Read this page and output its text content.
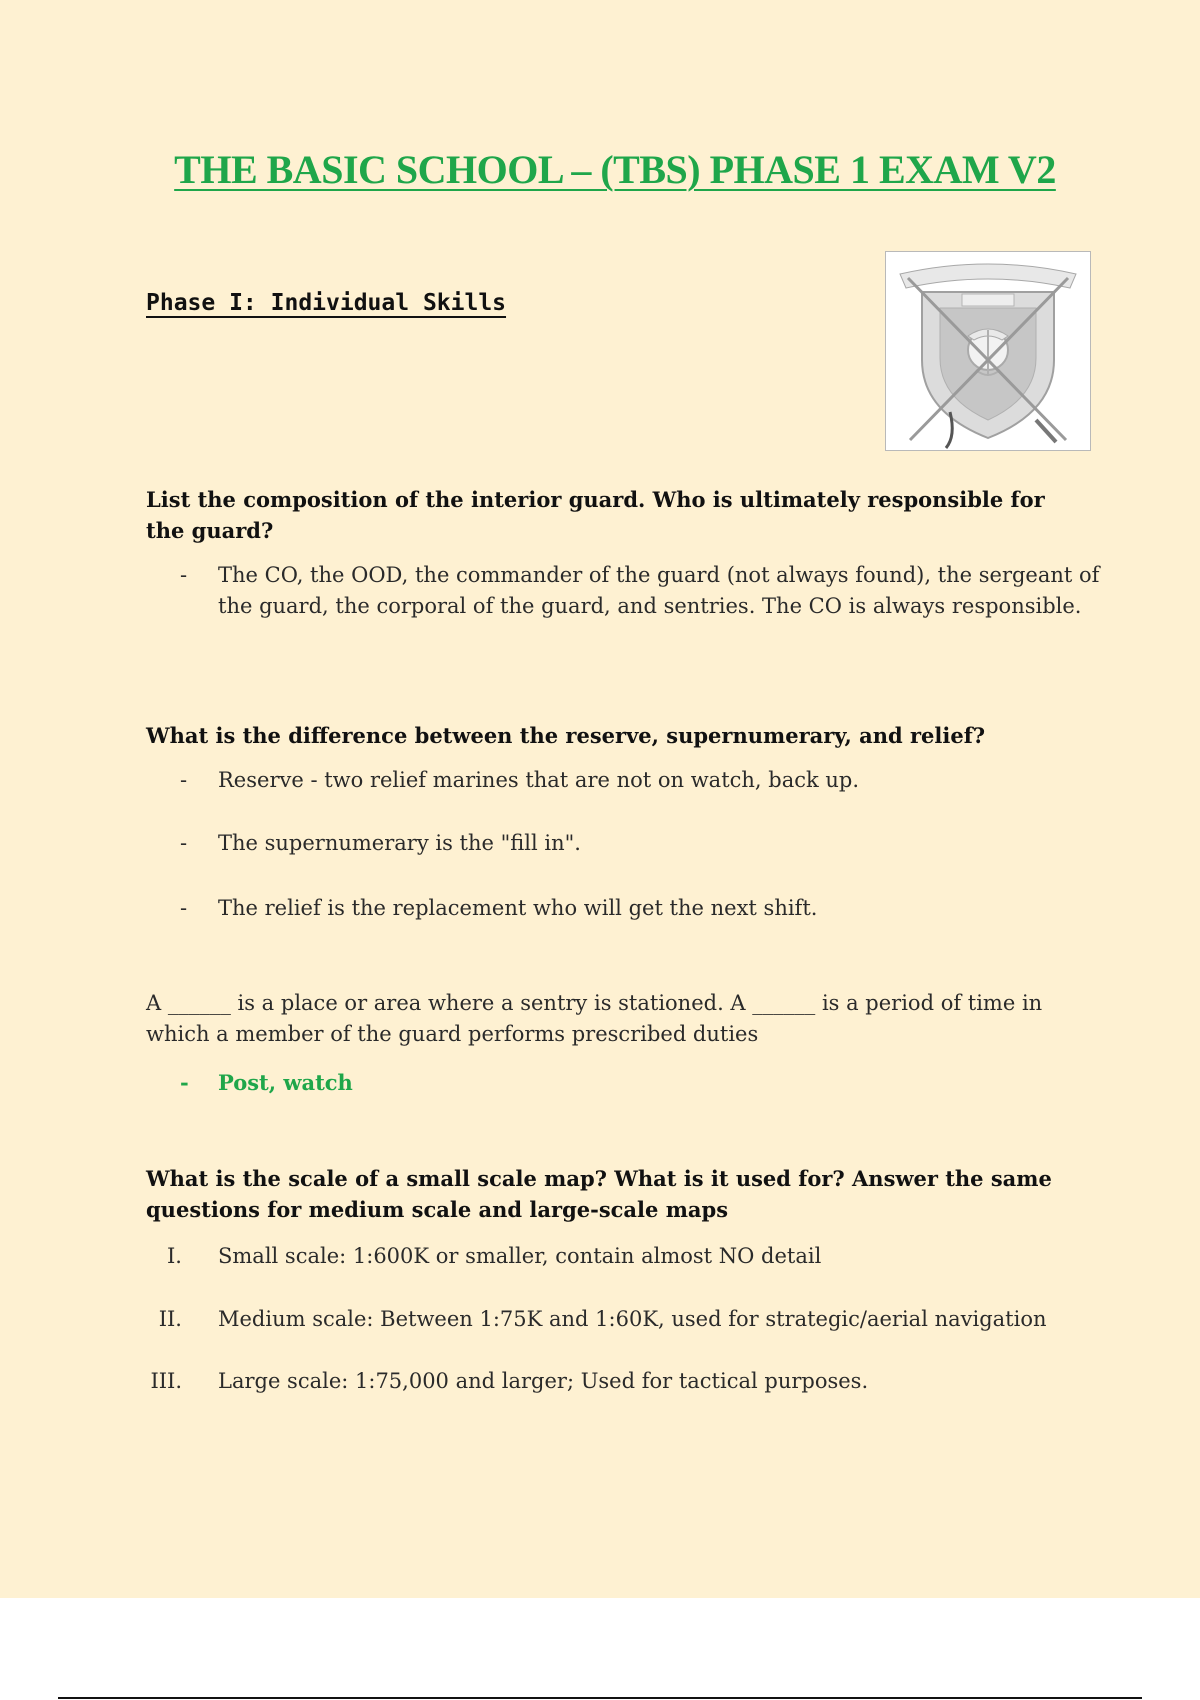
THE BASIC SCHOOL – (TBS) PHASE 1 EXAM V2
Phase I: Individual Skills

List the composition of the interior guard. Who is ultimately responsible for the guard?

- The CO, the OOD, the commander of the guard (not always found), the sergeant of the guard, the corporal of the guard, and sentries. The CO is always responsible.

What is the difference between the reserve, supernumerary, and relief?

- Reserve - two relief marines that are not on watch, back up.
- The supernumerary is the "fill in".
- The relief is the replacement who will get the next shift.

A ______ is a place or area where a sentry is stationed. A ______ is a period of time in which a member of the guard performs prescribed duties

- Post, watch

What is the scale of a small scale map? What is it used for? Answer the same questions for medium scale and large-scale maps

I. Small scale: 1:600K or smaller, contain almost NO detail
II. Medium scale: Between 1:75K and 1:60K, used for strategic/aerial navigation
III. Large scale: 1:75,000 and larger; Used for tactical purposes.
